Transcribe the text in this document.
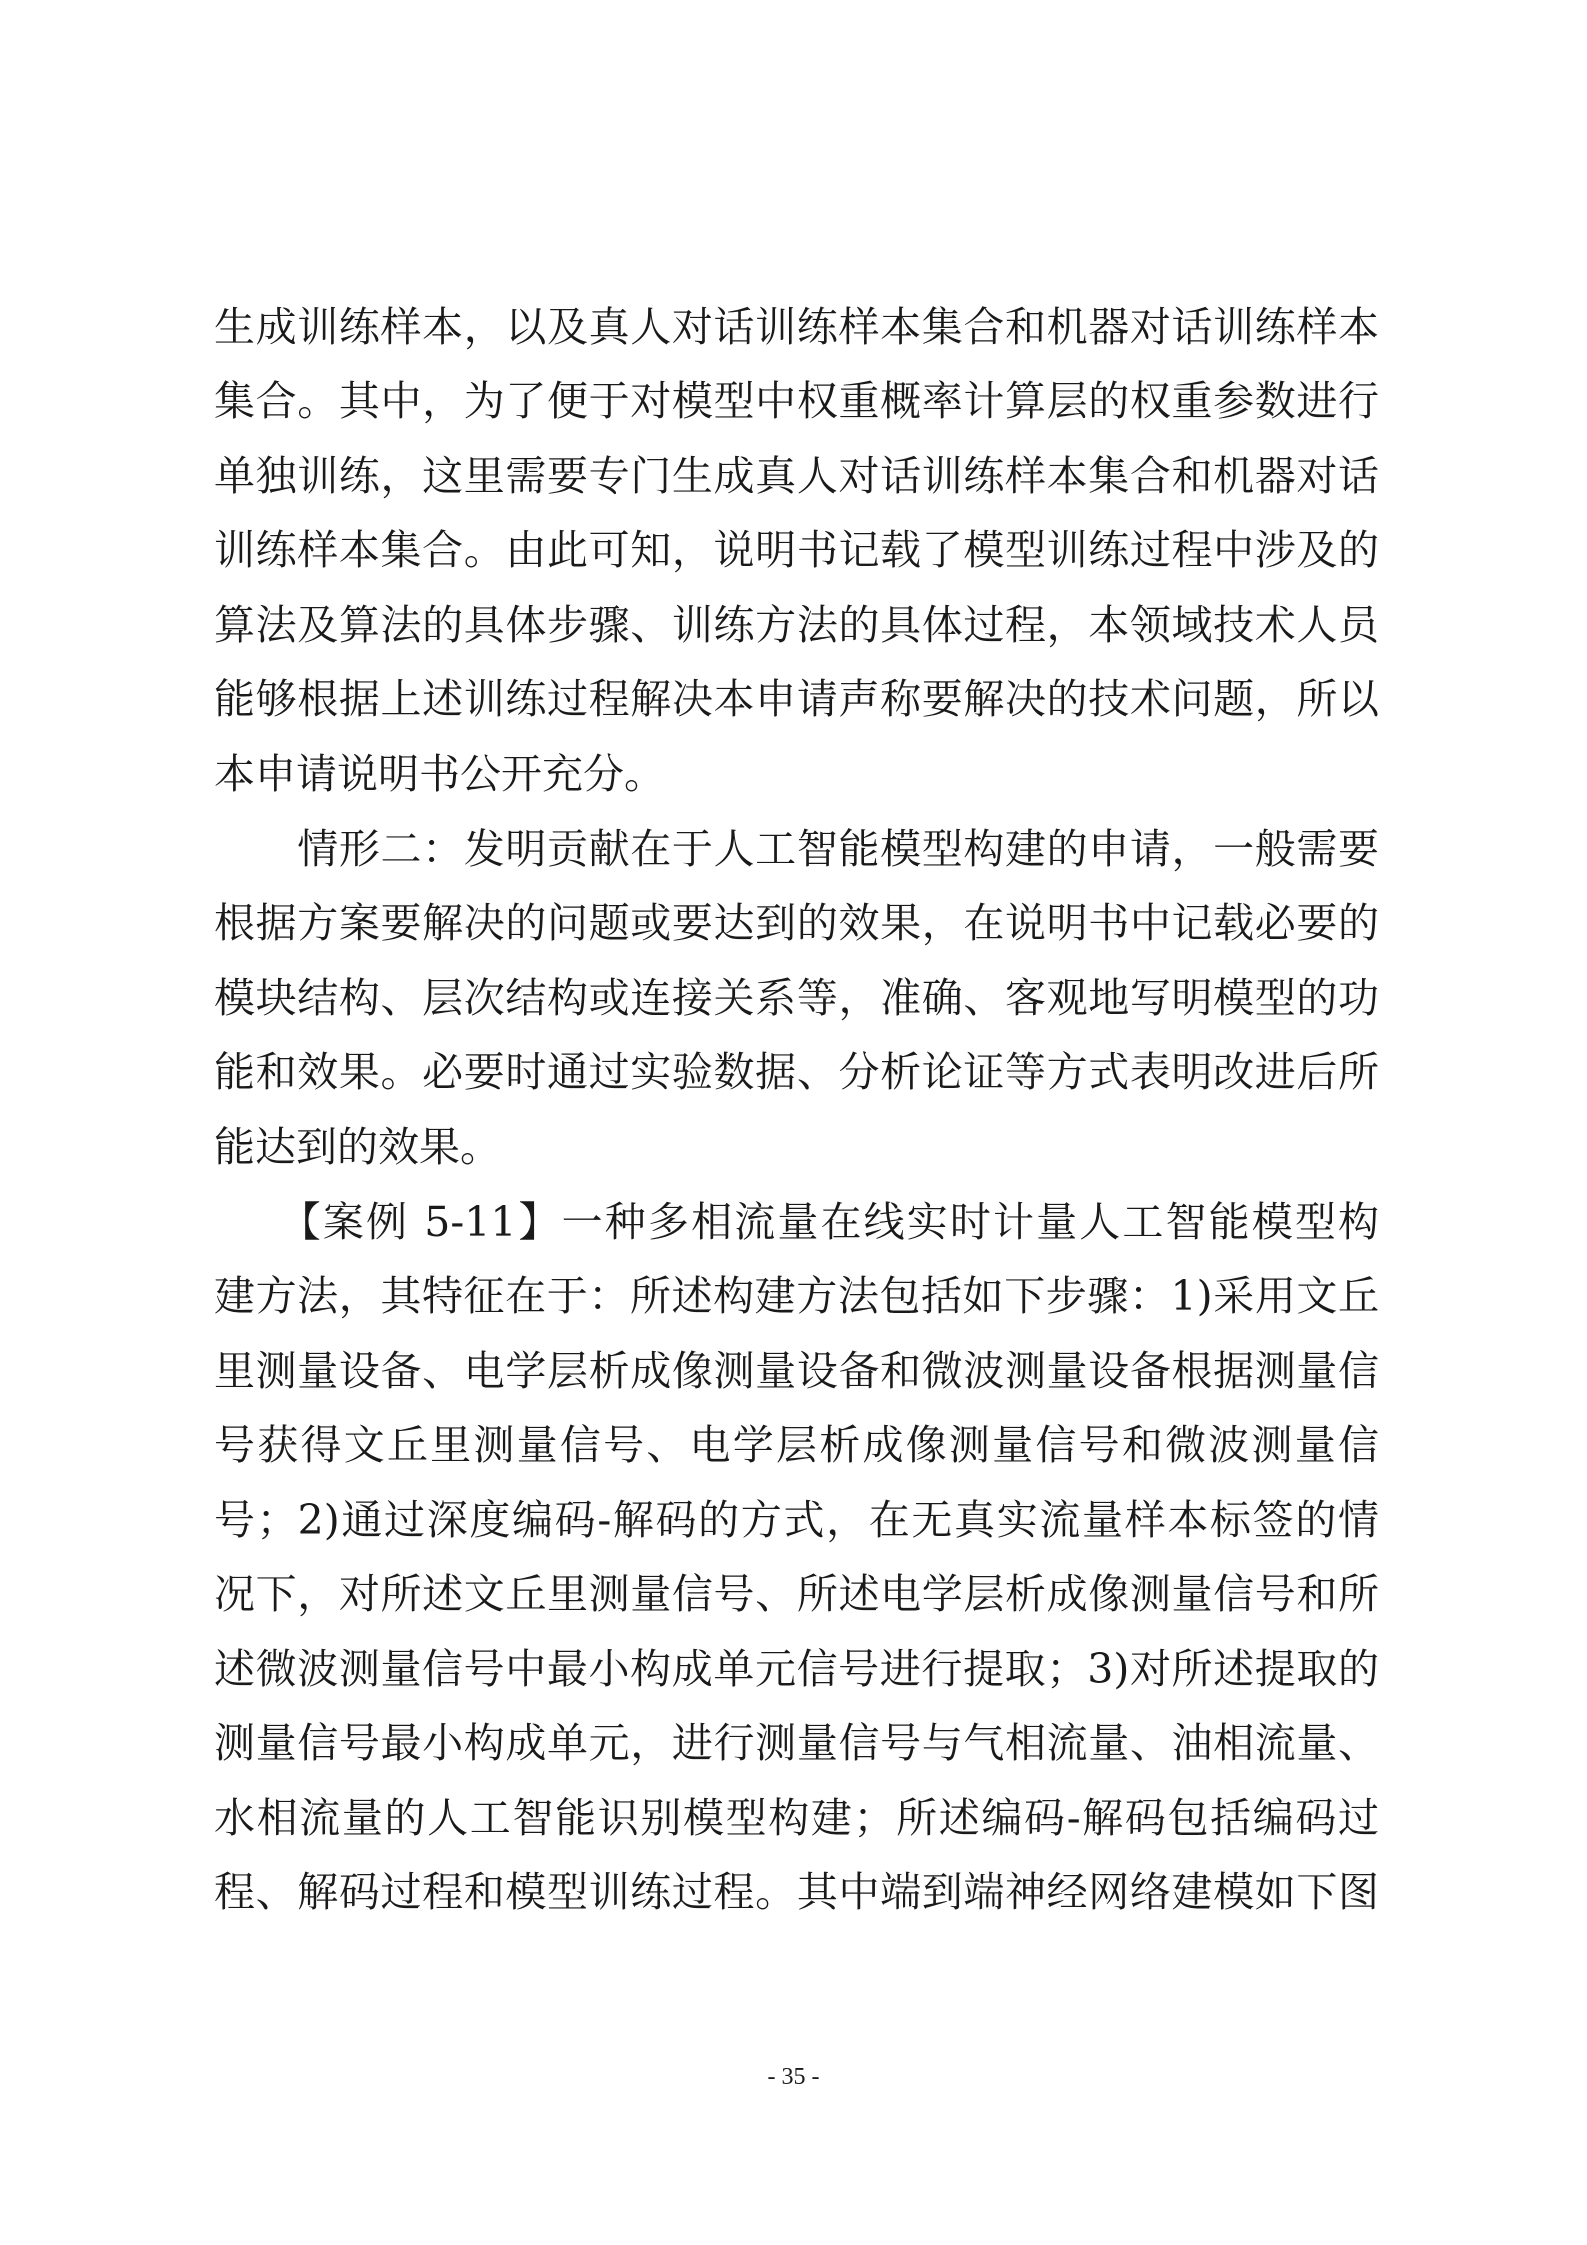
生成训练样本，以及真人对话训练样本集合和机器对话训练样本
集合。其中，为了便于对模型中权重概率计算层的权重参数进行
单独训练，这里需要专门生成真人对话训练样本集合和机器对话
训练样本集合。由此可知，说明书记载了模型训练过程中涉及的
算法及算法的具体步骤、训练方法的具体过程，本领域技术人员
能够根据上述训练过程解决本申请声称要解决的技术问题，所以
本申请说明书公开充分。
　　情形二：发明贡献在于人工智能模型构建的申请，一般需要
根据方案要解决的问题或要达到的效果，在说明书中记载必要的
模块结构、层次结构或连接关系等，准确、客观地写明模型的功
能和效果。必要时通过实验数据、分析论证等方式表明改进后所
能达到的效果。
　　【案例 5-11】一种多相流量在线实时计量人工智能模型构
建方法，其特征在于：所述构建方法包括如下步骤：1)采用文丘
里测量设备、电学层析成像测量设备和微波测量设备根据测量信
号获得文丘里测量信号、电学层析成像测量信号和微波测量信
号；2)通过深度编码-解码的方式，在无真实流量样本标签的情
况下，对所述文丘里测量信号、所述电学层析成像测量信号和所
述微波测量信号中最小构成单元信号进行提取；3)对所述提取的
测量信号最小构成单元，进行测量信号与气相流量、油相流量、
水相流量的人工智能识别模型构建；所述编码-解码包括编码过
程、解码过程和模型训练过程。其中端到端神经网络建模如下图
- 35 -
